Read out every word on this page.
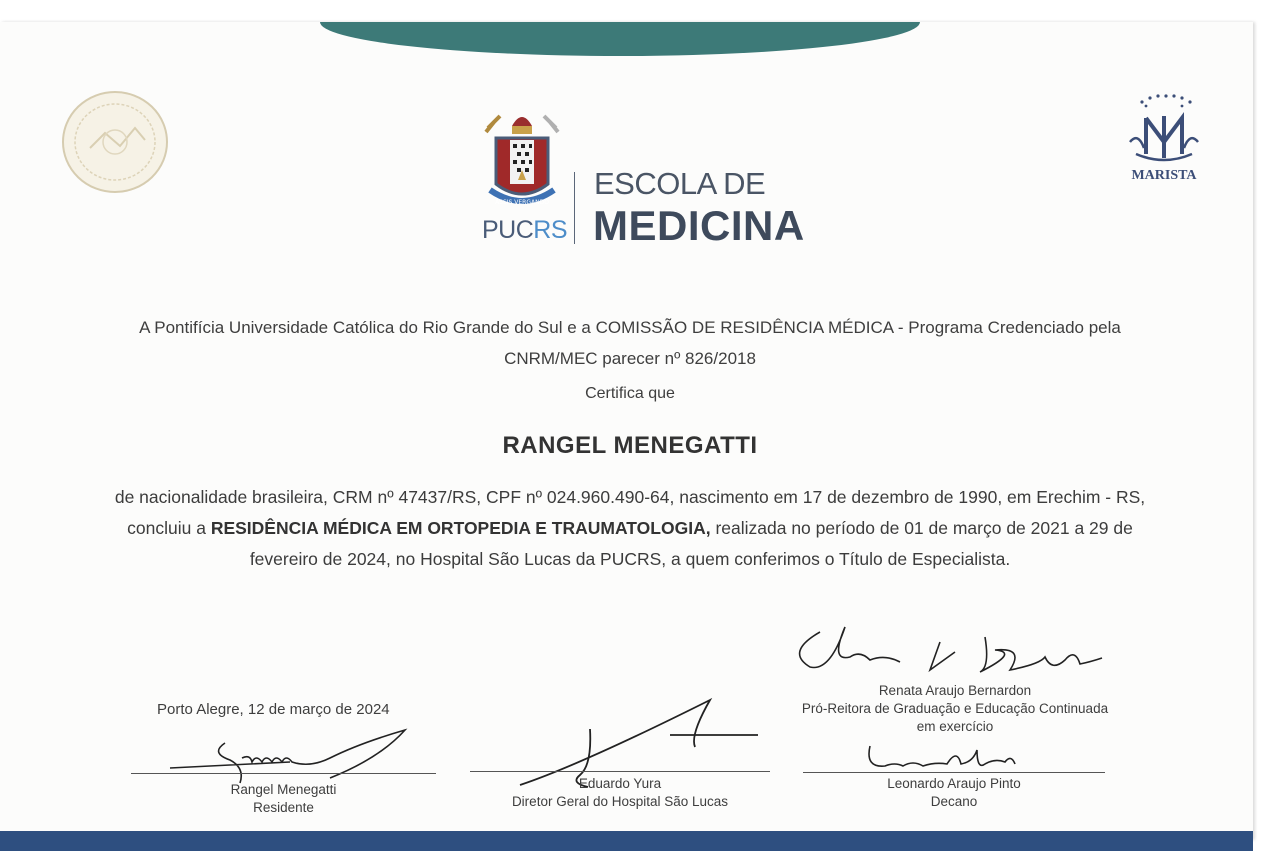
ASSIS VERGANDO
PUCRS
ESCOLA DE
MEDICINA
MARISTA
A Pontifícia Universidade Católica do Rio Grande do Sul e a COMISSÃO DE RESIDÊNCIA MÉDICA - Programa Credenciado pela CNRM/MEC parecer nº 826/2018
Certifica que
RANGEL MENEGATTI
de nacionalidade brasileira, CRM nº 47437/RS, CPF nº 024.960.490-64, nascimento em 17 de dezembro de 1990, em Erechim - RS, concluiu a RESIDÊNCIA MÉDICA EM ORTOPEDIA E TRAUMATOLOGIA, realizada no período de 01 de março de 2021 a 29 de fevereiro de 2024, no Hospital São Lucas da PUCRS, a quem conferimos o Título de Especialista.
Porto Alegre, 12 de março de 2024
Rangel Menegatti
Residente
Eduardo Yura
Diretor Geral do Hospital São Lucas
Renata Araujo Bernardon
Pró-Reitora de Graduação e Educação Continuada
em exercício
Leonardo Araujo Pinto
Decano
